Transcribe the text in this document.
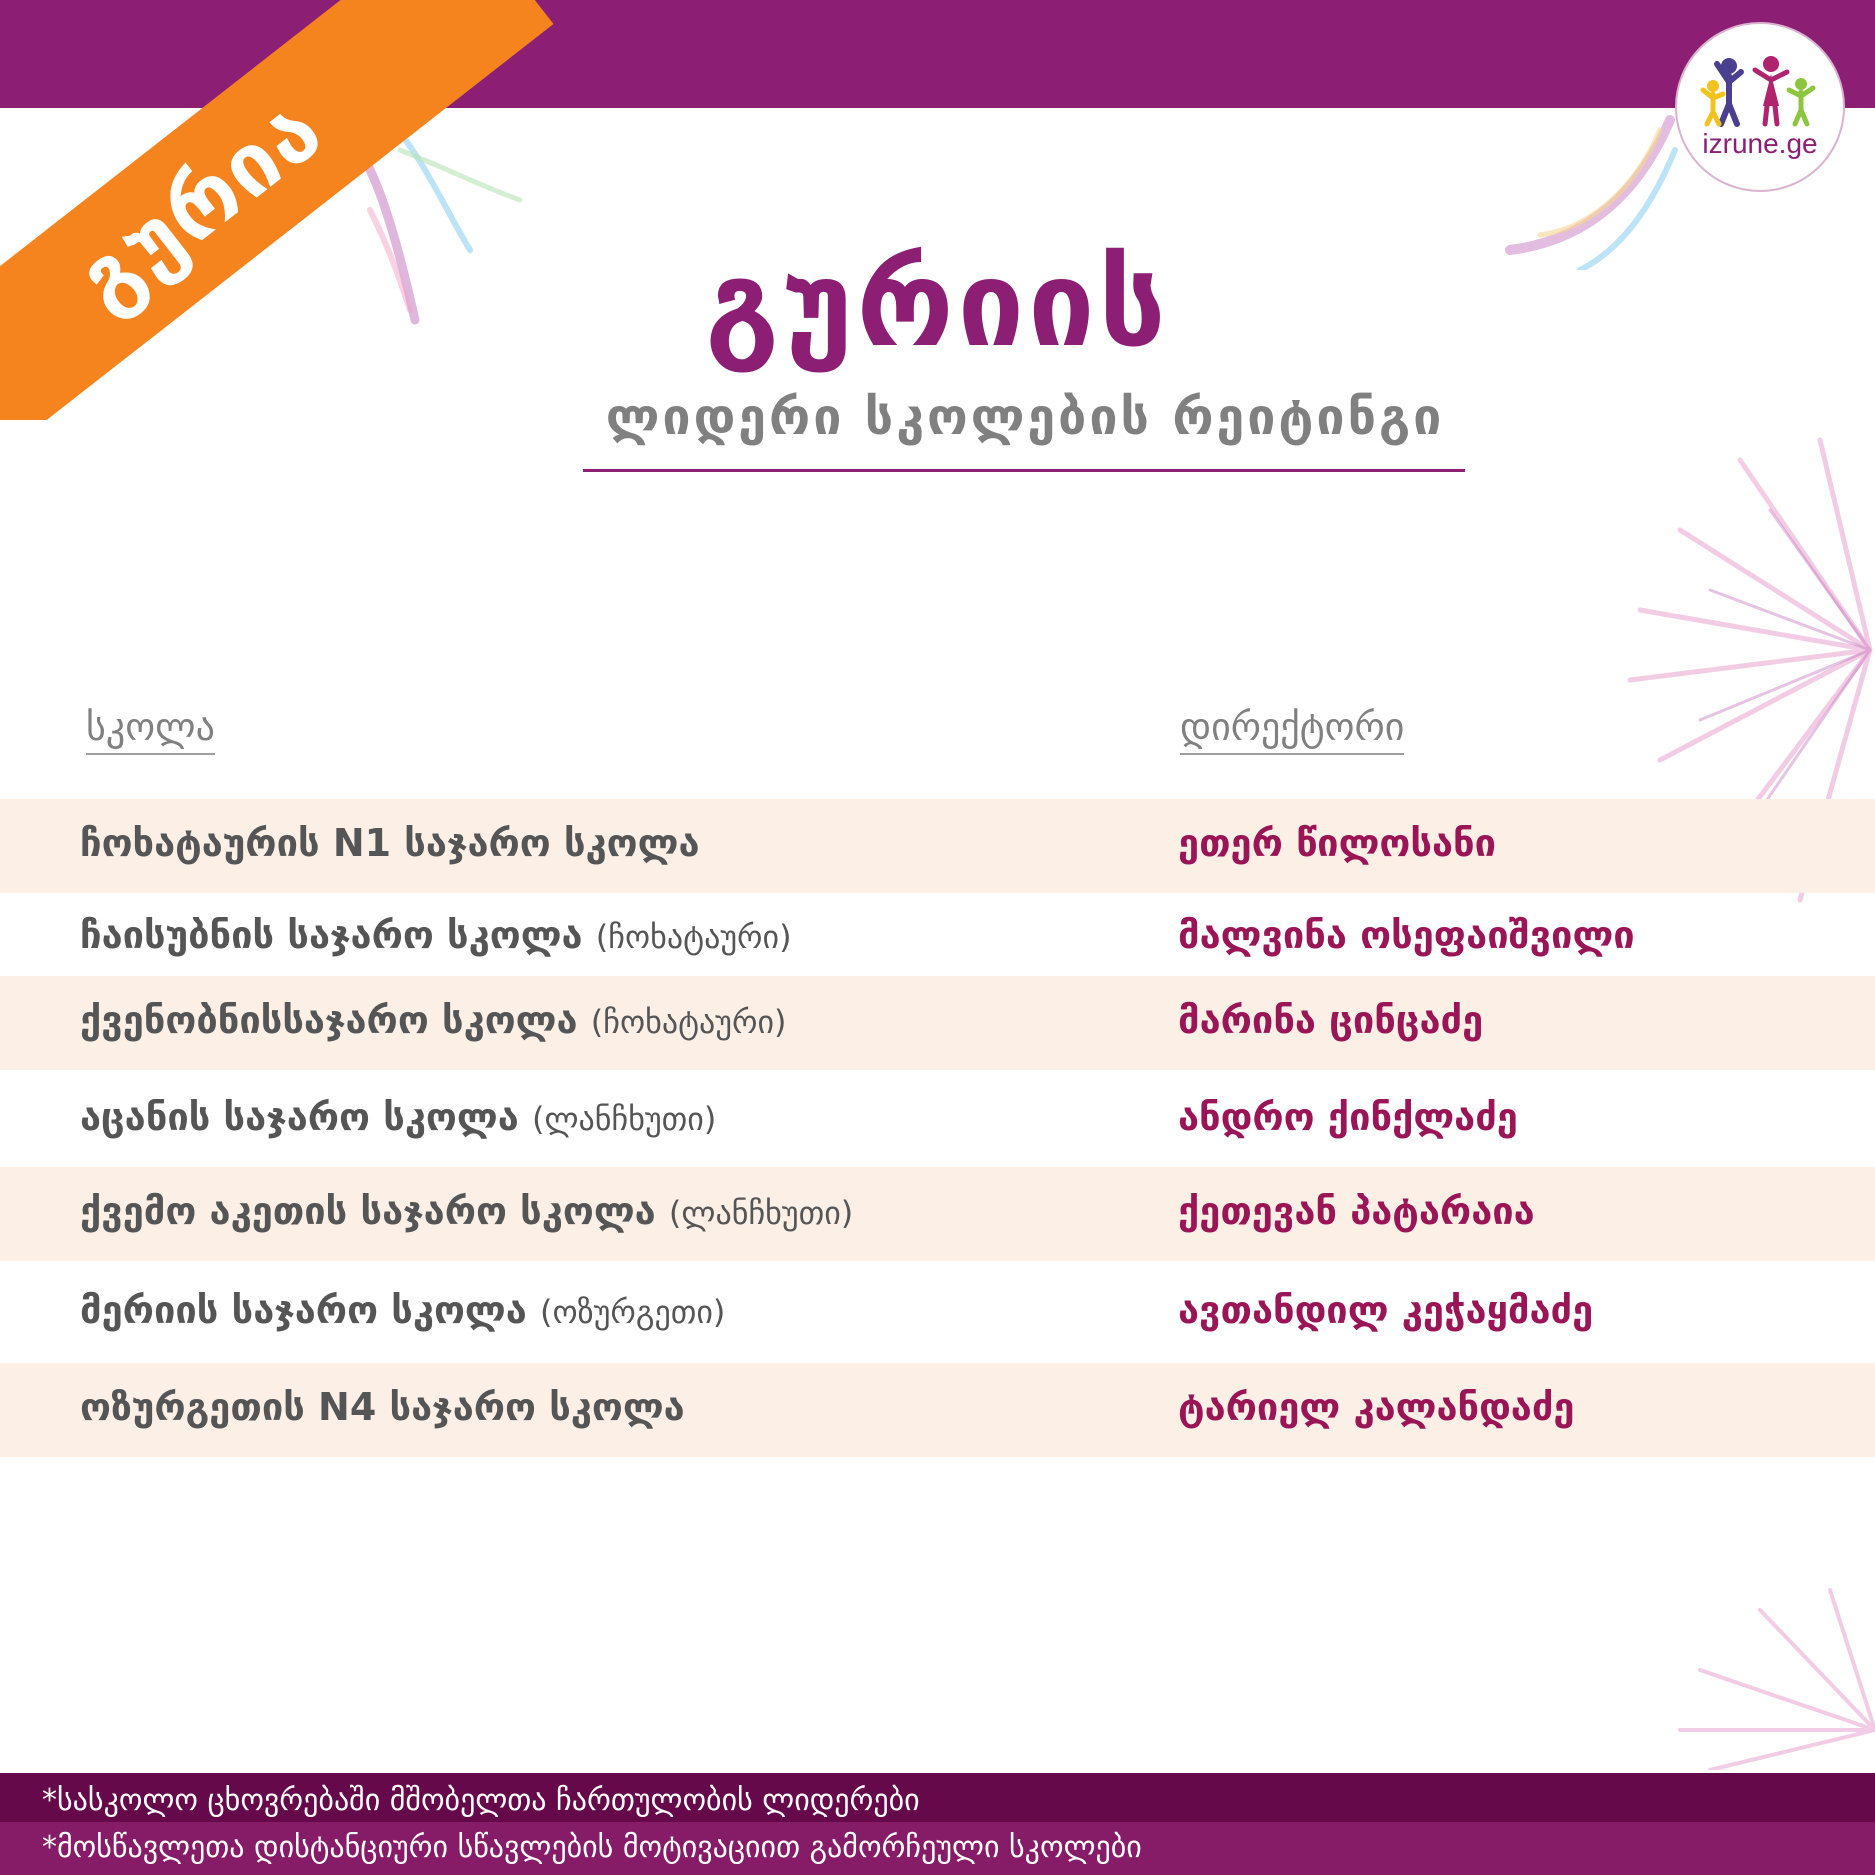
გურია	izrune.ge
გურიის
ლიდერი სკოლების რეიტინგი
სკოლა	დირექტორი
ჩოხატაურის N1 საჯარო სკოლა	ეთერ წილოსანი
ჩაისუბნის საჯარო სკოლა (ჩოხატაური)	მალვინა ოსეფაიშვილი
ქვენობნისსაჯარო სკოლა (ჩოხატაური)	მარინა ცინცაძე
აცანის საჯარო სკოლა (ლანჩხუთი)	ანდრო ქინქლაძე
ქვემო აკეთის საჯარო სკოლა (ლანჩხუთი)	ქეთევან პატარაია
მერიის საჯარო სკოლა (ოზურგეთი)	ავთანდილ კეჭაყმაძე
ოზურგეთის N4 საჯარო სკოლა	ტარიელ კალანდაძე
*სასკოლო ცხოვრებაში მშობელთა ჩართულობის ლიდერები
*მოსწავლეთა დისტანციური სწავლების მოტივაციით გამორჩეული სკოლები
